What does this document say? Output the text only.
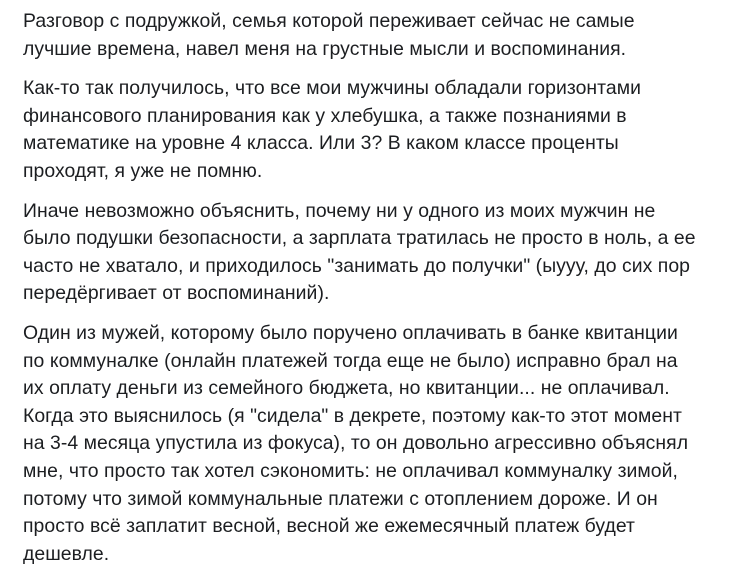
Разговор с подружкой, семья которой переживает сейчас не самые
лучшие времена, навел меня на грустные мысли и воспоминания.

Как-то так получилось, что все мои мужчины обладали горизонтами
финансового планирования как у хлебушка, а также познаниями в
математике на уровне 4 класса. Или 3? В каком классе проценты
проходят, я уже не помню.

Иначе невозможно объяснить, почему ни у одного из моих мужчин не
было подушки безопасности, а зарплата тратилась не просто в ноль, а ее
часто не хватало, и приходилось "занимать до получки" (ыууу, до сих пор
передёргивает от воспоминаний).

Один из мужей, которому было поручено оплачивать в банке квитанции
по коммуналке (онлайн платежей тогда еще не было) исправно брал на
их оплату деньги из семейного бюджета, но квитанции... не оплачивал.
Когда это выяснилось (я "сидела" в декрете, поэтому как-то этот момент
на 3-4 месяца упустила из фокуса), то он довольно агрессивно объяснял
мне, что просто так хотел сэкономить: не оплачивал коммуналку зимой,
потому что зимой коммунальные платежи с отоплением дороже. И он
просто всё заплатит весной, весной же ежемесячный платеж будет
дешевле.
